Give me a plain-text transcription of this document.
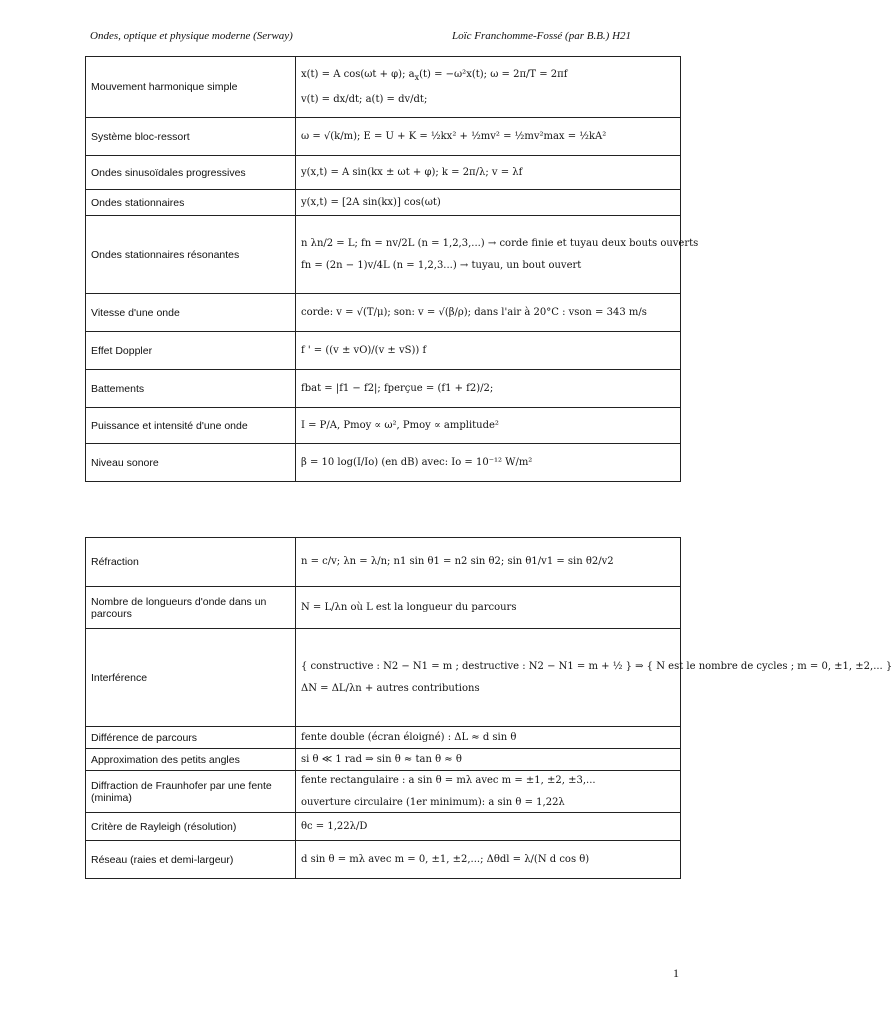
Ondes, optique et physique moderne (Serway)	Loïc Franchomme-Fossé (par B.B.) H21
Mouvement harmonique simple	x(t) = A cos(ωt + φ); $a_x(t) = -\omega^2x(t)$; ω = 2π/T = 2πf
v(t) = dx/dt; a(t) = dv/dt;

Système bloc-ressort	ω = √(k/m); E = U + K = ½kx² + ½mv² = ½mv²max = ½kA²

Ondes sinusoïdales progressives	y(x,t) = A sin(kx ± ωt + φ); k = 2π/λ; v = λf

Ondes stationnaires	y(x,t) = [2A sin(kx)] cos(ωt)

Ondes stationnaires résonantes	n λn/2 = L; fn = nv/2L (n = 1,2,3,...) → corde finie et tuyau deux bouts ouverts
fn = (2n − 1)v/4L (n = 1,2,3...) → tuyau, un bout ouvert

Vitesse d'une onde	corde: v = √(T/μ); son: v = √(β/ρ); dans l'air à 20°C : vson = 343 m/s

Effet Doppler	f ' = ((v ± vO)/(v ± vS)) f

Battements	fbat = |f1 − f2|; fperçue = (f1 + f2)/2;

Puissance et intensité d'une onde	I = P/A, Pmoy ∝ ω², Pmoy ∝ amplitude²

Niveau sonore	β = 10 log(I/Io) (en dB) avec: Io = 10⁻¹² W/m²
Réfraction	n = c/v; λn = λ/n; n1 sin θ1 = n2 sin θ2; sin θ1/v1 = sin θ2/v2

Nombre de longueurs d'onde dans un parcours	N = L/λn où L est la longueur du parcours

Interférence	{ constructive : N2 − N1 = m ; destructive : N2 − N1 = m + ½ } ⇒ { N est le nombre de cycles ; m = 0, ±1, ±2,... }
ΔN = ΔL/λn + autres contributions

Différence de parcours	fente double (écran éloigné) : ΔL ≈ d sin θ

Approximation des petits angles	si θ ≪ 1 rad ⇒ sin θ ≈ tan θ ≈ θ

Diffraction de Fraunhofer par une fente (minima)	fente rectangulaire : a sin θ = mλ avec m = ±1, ±2, ±3,...
ouverture circulaire (1er minimum): a sin θ = 1,22λ

Critère de Rayleigh (résolution)	θc = 1,22λ/D

Réseau (raies et demi-largeur)	d sin θ = mλ avec m = 0, ±1, ±2,...; Δθdl = λ/(N d cos θ)
1
